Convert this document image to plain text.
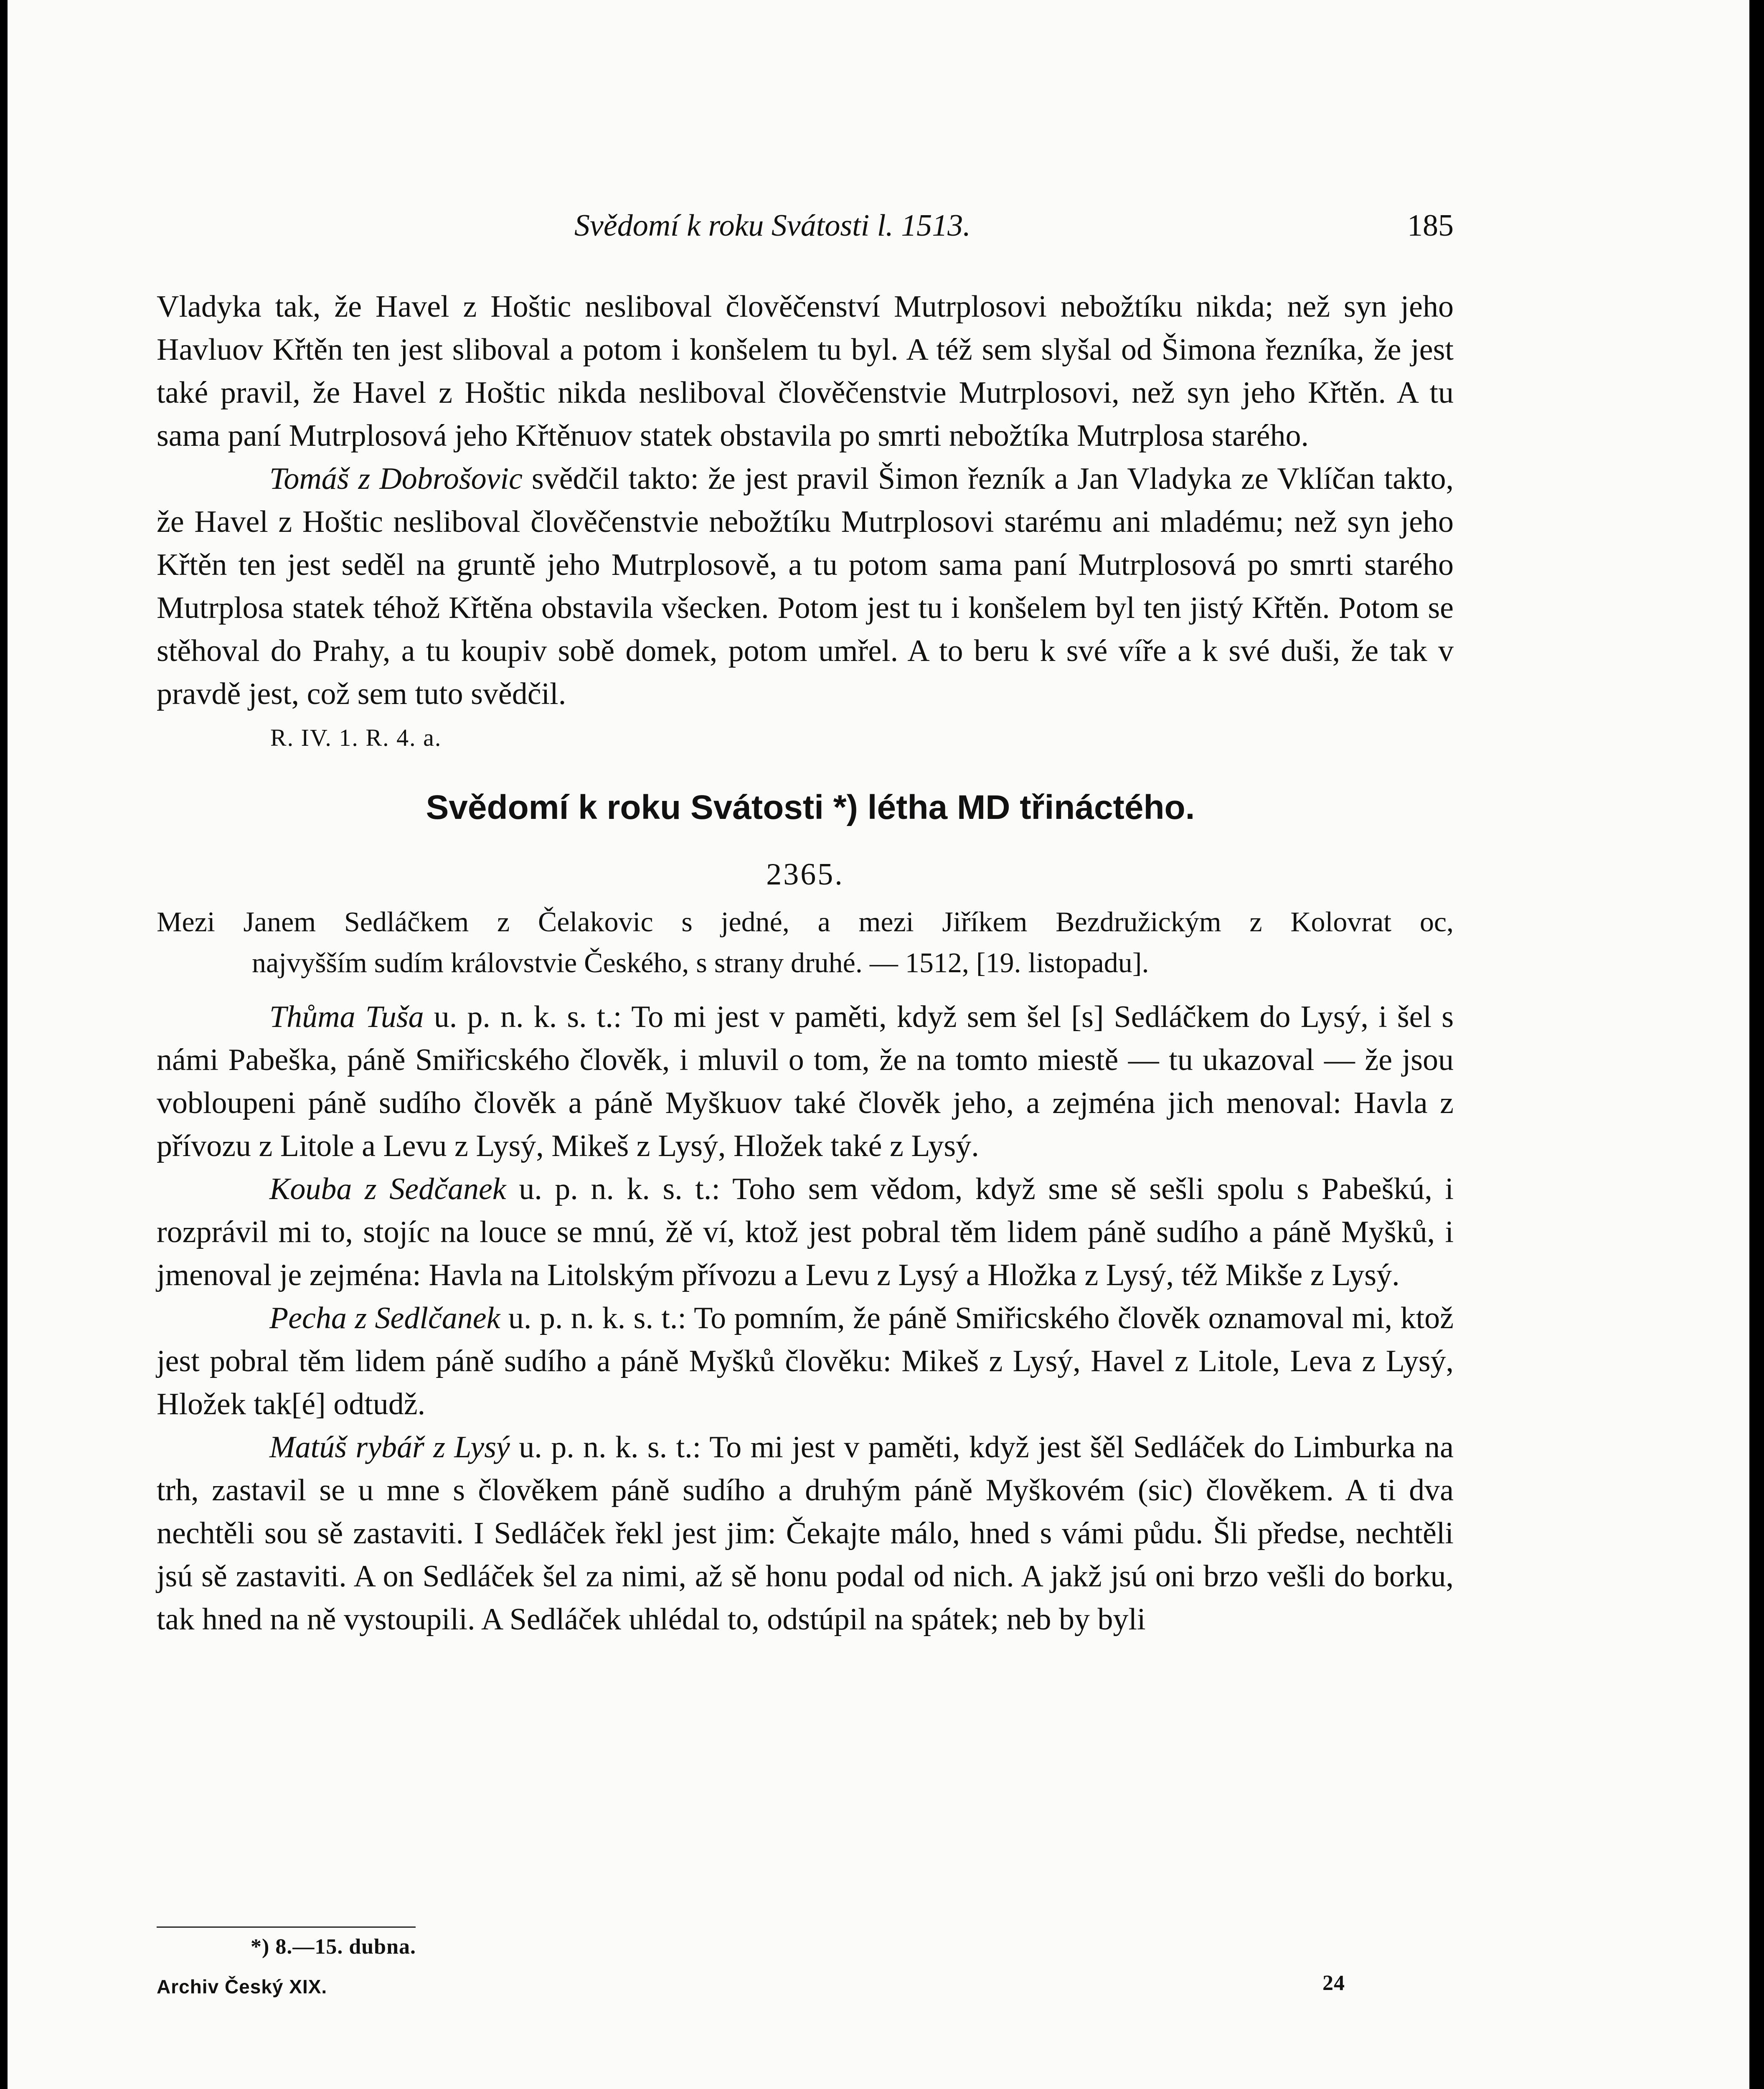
Svědomí k roku Svátosti l. 1513.	185

Vladyka tak, že Havel z Hoštic nesliboval člověčenství Mutrplosovi nebožtíku nikda; než syn jeho Havluov Křtěn ten jest sliboval a potom i konšelem tu byl. A též sem slyšal od Šimona řezníka, že jest také pravil, že Havel z Hoštic nikda nesliboval člověčenstvie Mutrplosovi, než syn jeho Křtěn. A tu sama paní Mutrplosová jeho Křtěnuov statek obstavila po smrti nebožtíka Mutrplosa starého.

Tomáš z Dobrošovic svědčil takto: že jest pravil Šimon řezník a Jan Vladyka ze Vklíčan takto, že Havel z Hoštic nesliboval člověčenstvie nebožtíku Mutrplosovi starému ani mladému; než syn jeho Křtěn ten jest seděl na gruntě jeho Mutrplosově, a tu potom sama paní Mutrplosová po smrti starého Mutrplosa statek téhož Křtěna obstavila všecken. Potom jest tu i konšelem byl ten jistý Křtěn. Potom se stěhoval do Prahy, a tu koupiv sobě domek, potom umřel. A to beru k své víře a k své duši, že tak v pravdě jest, což sem tuto svědčil.

R. IV. 1. R. 4. a.
Svědomí k roku Svátosti *) létha MD třináctého.
2365.
Mezi Janem Sedláčkem z Čelakovic s jedné, a mezi Jiříkem Bezdružickým z Kolovrat oc,
najvyšším sudím královstvie Českého, s strany druhé. — 1512, [19. listopadu].

Thůma Tuša u. p. n. k. s. t.: To mi jest v paměti, když sem šel [s] Sedláčkem do Lysý, i šel s námi Pabeška, páně Smiřicského člověk, i mluvil o tom, že na tomto miestě — tu ukazoval — že jsou vobloupeni páně sudího člověk a páně Myškuov také člověk jeho, a zejména jich menoval: Havla z přívozu z Litole a Levu z Lysý, Mikeš z Lysý, Hložek také z Lysý.

Kouba z Sedčanek u. p. n. k. s. t.: Toho sem vědom, když sme sě sešli spolu s Pabeškú, i rozprávil mi to, stojíc na louce se mnú, žě ví, ktož jest pobral těm lidem páně sudího a páně Myšků, i jmenoval je zejména: Havla na Litolským přívozu a Levu z Lysý a Hložka z Lysý, též Mikše z Lysý.

Pecha z Sedlčanek u. p. n. k. s. t.: To pomním, že páně Smiřicského člověk oznamoval mi, ktož jest pobral těm lidem páně sudího a páně Myšků člověku: Mikeš z Lysý, Havel z Litole, Leva z Lysý, Hložek tak[é] odtudž.

Matúš rybář z Lysý u. p. n. k. s. t.: To mi jest v paměti, když jest šěl Sedláček do Limburka na trh, zastavil se u mne s člověkem páně sudího a druhým páně Myškovém (sic) člověkem. A ti dva nechtěli sou sě zastaviti. I Sedláček řekl jest jim: Čekajte málo, hned s vámi půdu. Šli předse, nechtěli jsú sě zastaviti. A on Sedláček šel za nimi, až sě honu podal od nich. A jakž jsú oni brzo vešli do borku, tak hned na ně vystoupili. A Sedláček uhlédal to, odstúpil na spátek; neb by byli

*) 8.—15. dubna.
Archiv Český XIX.	24
